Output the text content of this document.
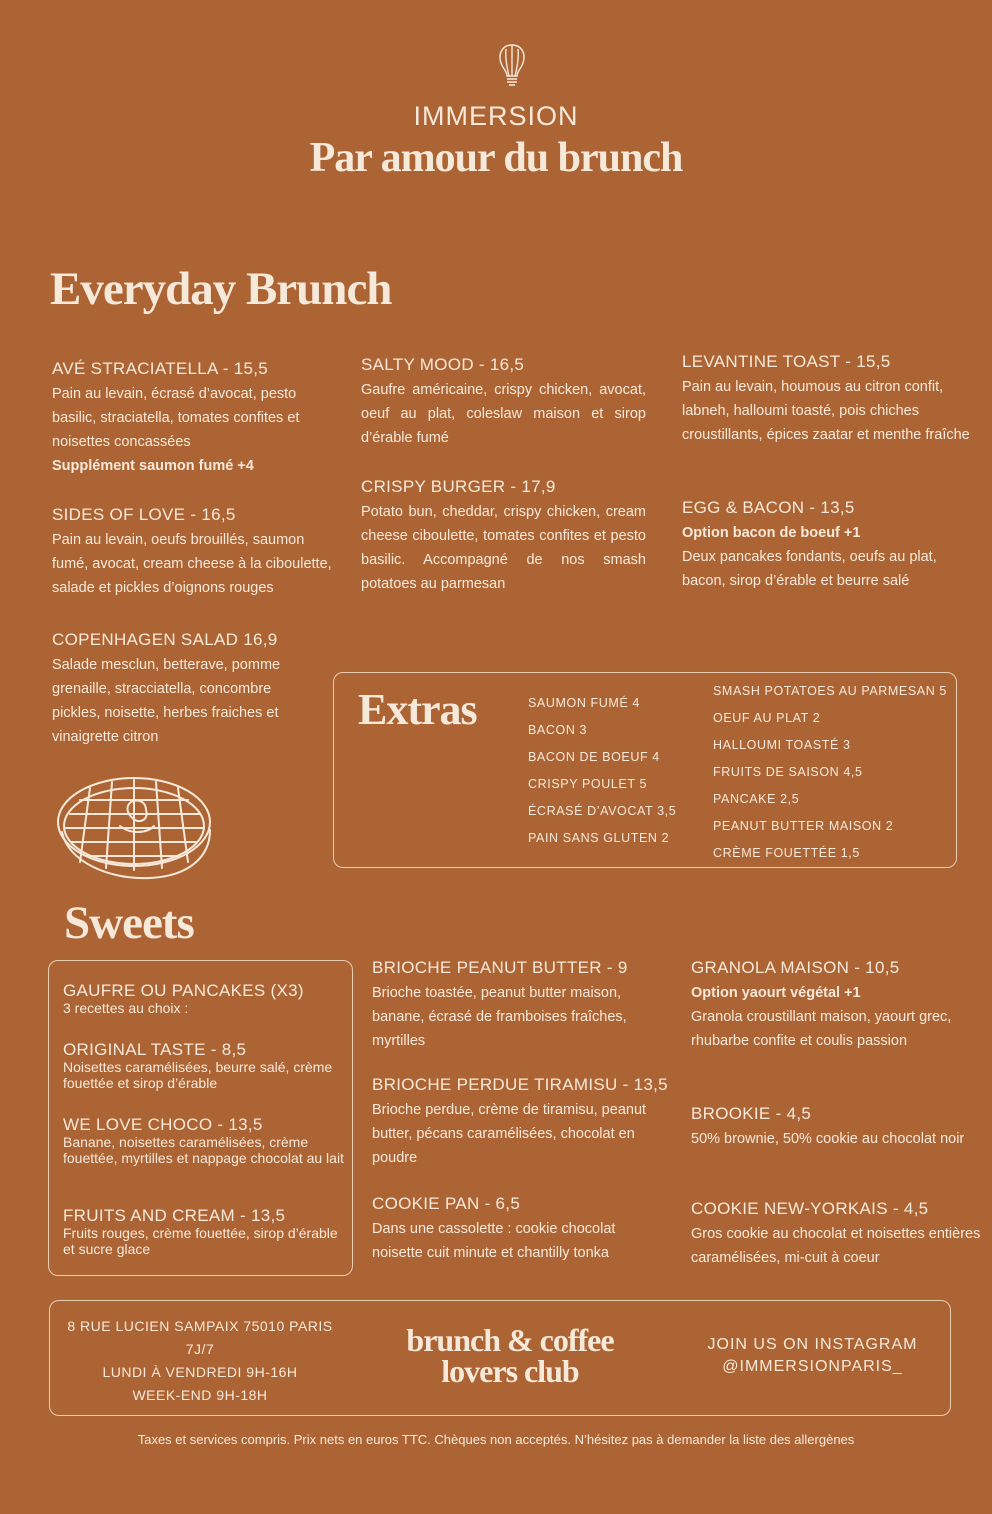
IMMERSION
Par amour du brunch
Everyday Brunch

AVÉ STRACIATELLA - 15,5

Pain au levain, écrasé d’avocat, pesto basilic, straciatella, tomates confites et noisettes concassées

Supplément saumon fumé +4

SIDES OF LOVE - 16,5

Pain au levain, oeufs brouillés, saumon fumé, avocat, cream cheese à la ciboulette, salade et pickles d’oignons rouges

COPENHAGEN SALAD 16,9

Salade mesclun, betterave, pomme grenaille, stracciatella, concombre pickles, noisette, herbes fraiches et vinaigrette citron

SALTY MOOD - 16,5

Gaufre américaine, crispy chicken, avocat, oeuf au plat, coleslaw maison et sirop d’érable fumé

CRISPY BURGER - 17,9

Potato bun, cheddar, crispy chicken, cream cheese ciboulette, tomates confites et pesto basilic. Accompagné de nos smash potatoes au parmesan

LEVANTINE TOAST - 15,5

Pain au levain, houmous au citron confit, labneh, halloumi toasté, pois chiches croustillants, épices zaatar et menthe fraîche

EGG & BACON - 13,5

Option bacon de boeuf +1

Deux pancakes fondants, oeufs au plat, bacon, sirop d’érable et beurre salé

Extras	SAUMON FUMÉ 4
BACON 3
BACON DE BOEUF 4
CRISPY POULET 5
ÉCRASÉ D’AVOCAT 3,5
PAIN SANS GLUTEN 2
SMASH POTATOES AU PARMESAN 5
OEUF AU PLAT 2
HALLOUMI TOASTÉ 3
FRUITS DE SAISON 4,5
PANCAKE 2,5
PEANUT BUTTER MAISON 2
CRÈME FOUETTÉE 1,5
Sweets

GAUFRE OU PANCAKES (X3)

3 recettes au choix :

ORIGINAL TASTE - 8,5

Noisettes caramélisées, beurre salé, crème fouettée et sirop d’érable

WE LOVE CHOCO - 13,5

Banane, noisettes caramélisées, crème fouettée, myrtilles et nappage chocolat au lait

FRUITS AND CREAM - 13,5

Fruits rouges, crème fouettée, sirop d’érable et sucre glace

BRIOCHE PEANUT BUTTER - 9

Brioche toastée, peanut butter maison, banane, écrasé de framboises fraîches, myrtilles

BRIOCHE PERDUE TIRAMISU - 13,5

Brioche perdue, crème de tiramisu, peanut butter, pécans caramélisées, chocolat en poudre

COOKIE PAN - 6,5

Dans une cassolette : cookie chocolat noisette cuit minute et chantilly tonka

GRANOLA MAISON - 10,5

Option yaourt végétal +1

Granola croustillant maison, yaourt grec, rhubarbe confite et coulis passion

BROOKIE - 4,5

50% brownie, 50% cookie au chocolat noir

COOKIE NEW-YORKAIS - 4,5

Gros cookie au chocolat et noisettes entières caramélisées, mi-cuit à coeur

8 RUE LUCIEN SAMPAIX 75010 PARIS
7J/7
LUNDI À VENDREDI 9H-16H
WEEK-END 9H-18H
brunch & coffee
lovers club
JOIN US ON INSTAGRAM
@IMMERSIONPARIS_
Taxes et services compris. Prix nets en euros TTC. Chèques non acceptés. N’hésitez pas à demander la liste des allergènes
